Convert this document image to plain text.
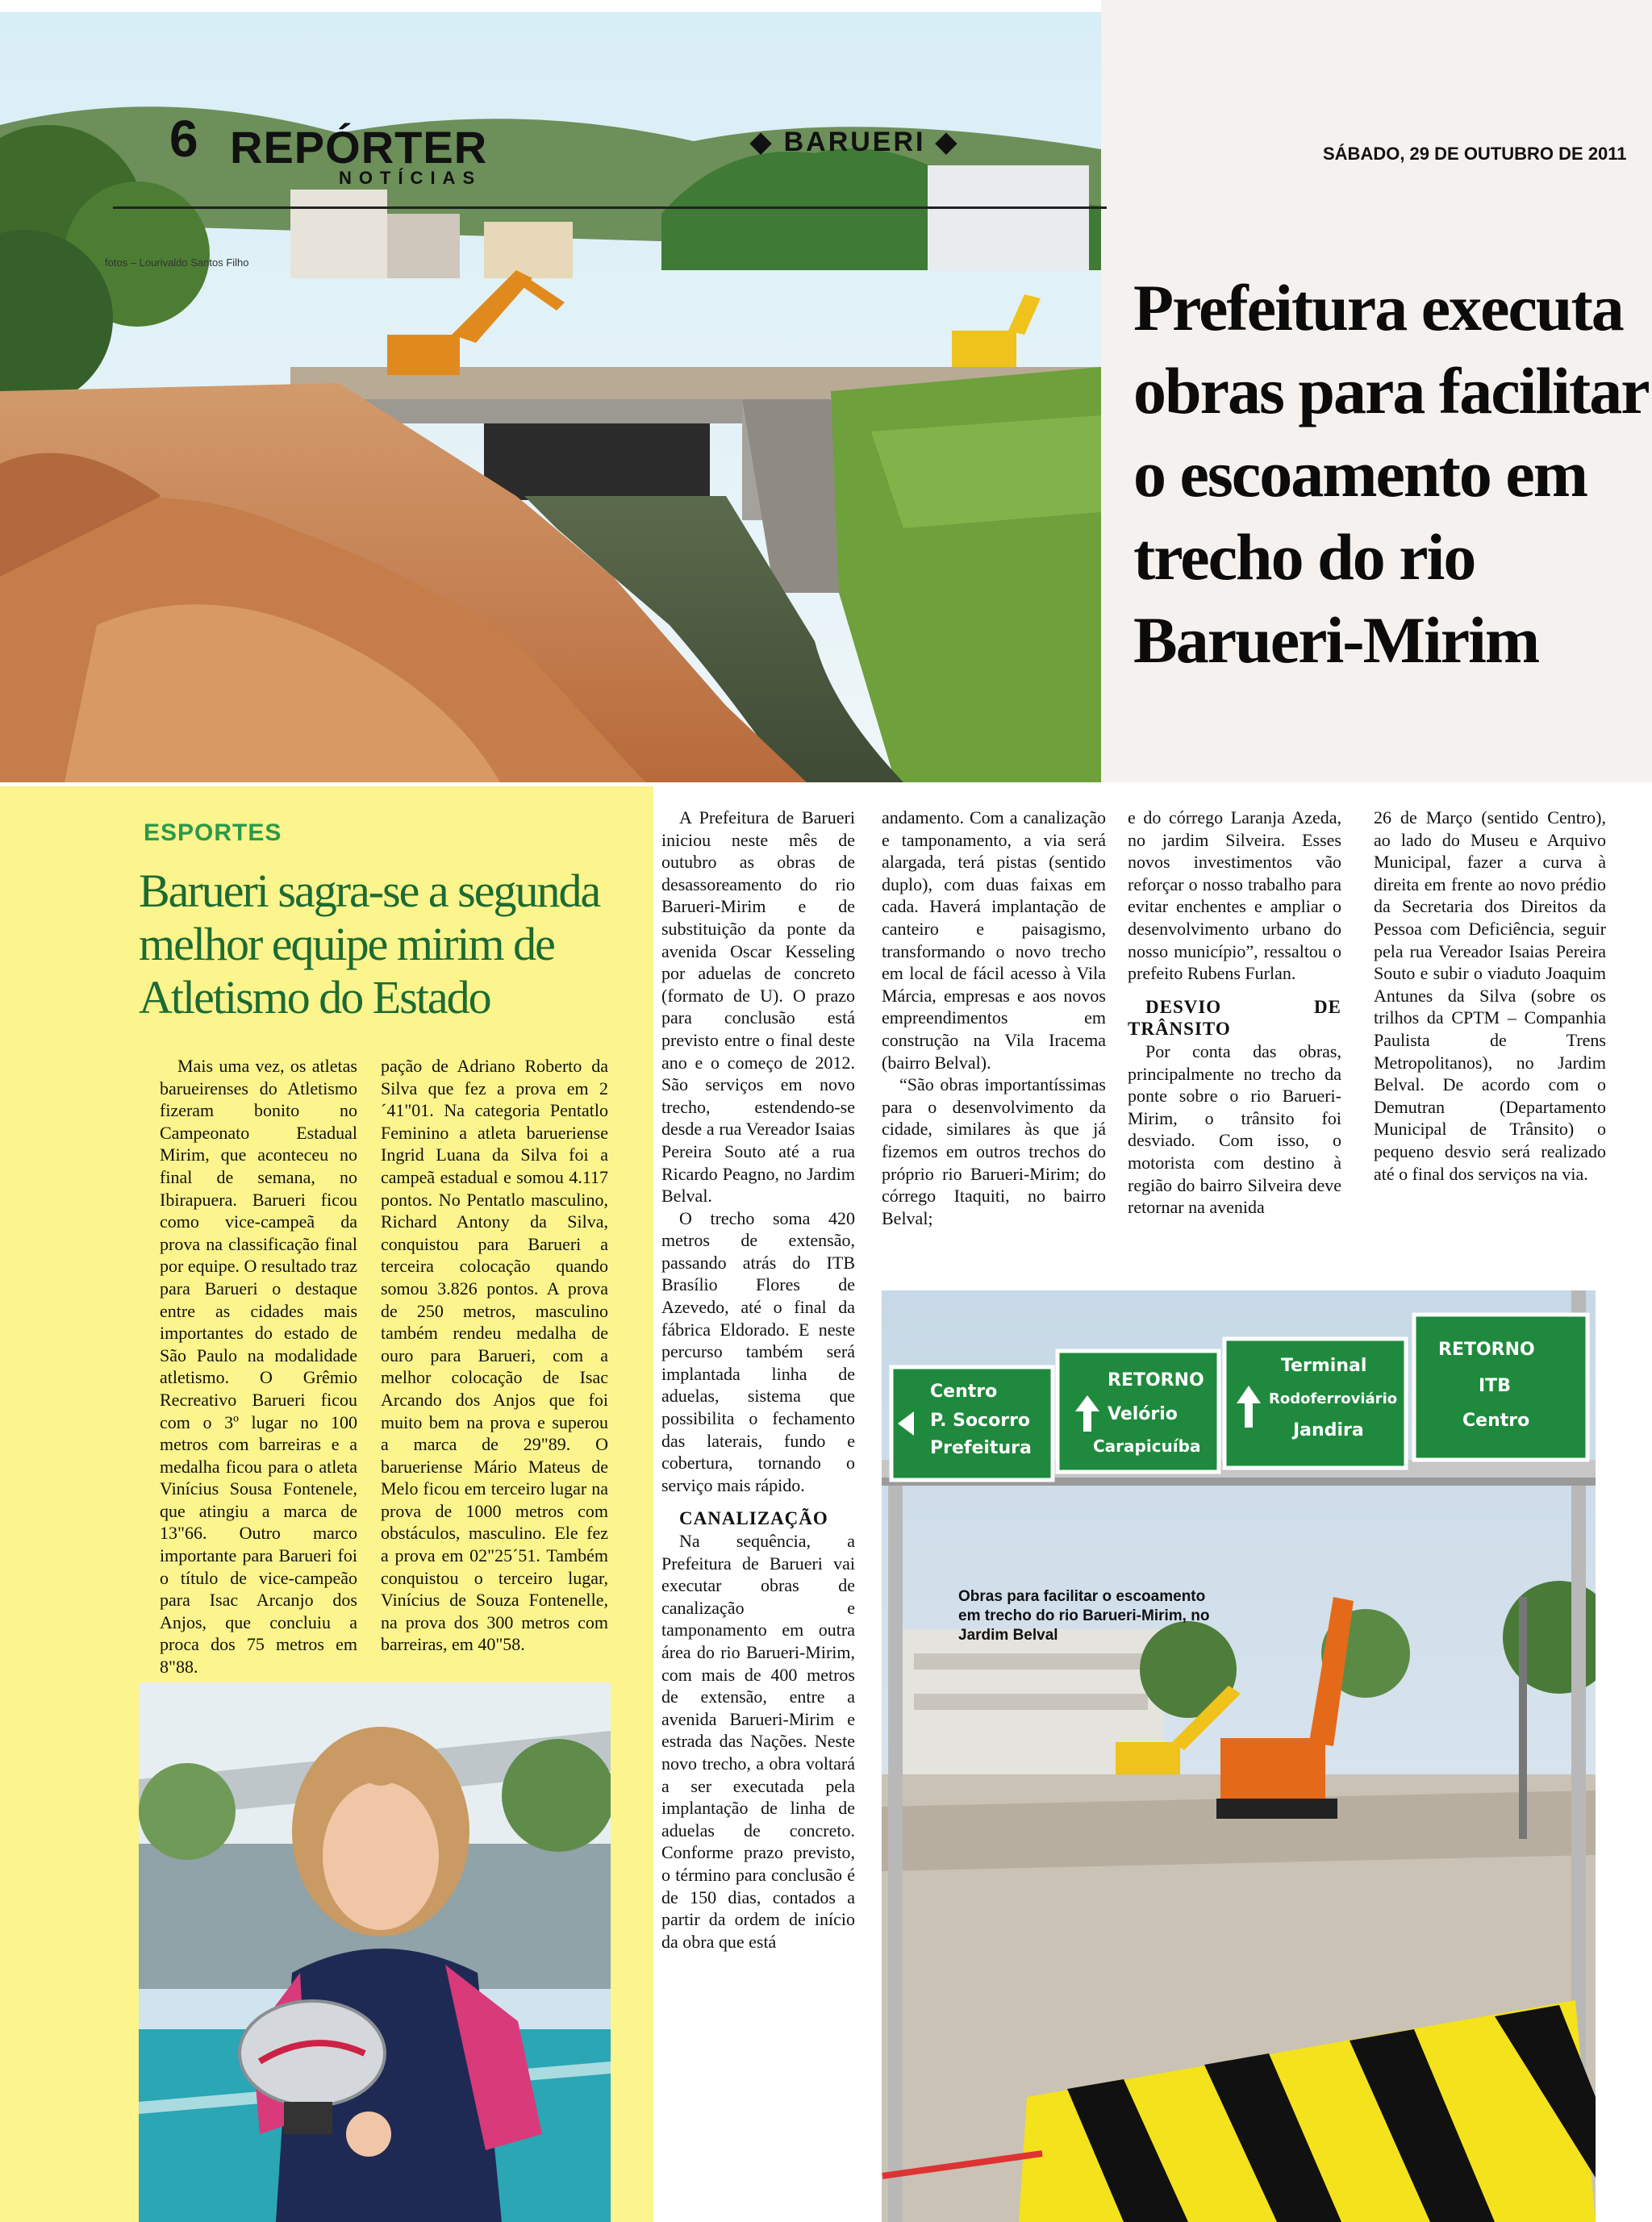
fotos – Lourivaldo Santos Filho
6 REPÓRTER
NOTÍCIAS
◆ BARUERI ◆	SÁBADO, 29 DE OUTUBRO DE 2011
Prefeitura executa obras para facilitar o escoamento em trecho do rio Barueri-Mirim
ESPORTES
Barueri sagra-se a segunda melhor equipe mirim de Atletismo do Estado

Mais uma vez, os atletas barueirenses do Atletismo fizeram bonito no Campeonato Estadual Mirim, que aconteceu no final de semana, no Ibirapuera. Barueri ficou como vice-campeã da prova na classificação final por equipe. O resultado traz para Barueri o destaque entre as cidades mais importantes do estado de São Paulo na modalidade atletismo. O Grêmio Recreativo Barueri ficou com o 3º lugar no 100 metros com barreiras e a medalha ficou para o atleta Vinícius Sousa Fontenele, que atingiu a marca de 13"66. Outro marco importante para Barueri foi o título de vice-campeão para Isac Arcanjo dos Anjos, que concluiu a proca dos 75 metros em 8"88.

pação de Adriano Roberto da Silva que fez a prova em 2´41"01. Na categoria Pentatlo Feminino a atleta barueriense Ingrid Luana da Silva foi a campeã estadual e somou 4.117 pontos. No Pentatlo masculino, Richard Antony da Silva, conquistou para Barueri a terceira colocação quando somou 3.826 pontos. A prova de 250 metros, masculino também rendeu medalha de ouro para Barueri, com a melhor colocação de Isac Arcando dos Anjos que foi muito bem na prova e superou a marca de 29"89. O barueriense Mário Mateus de Melo ficou em terceiro lugar na prova de 1000 metros com obstáculos, masculino. Ele fez a prova em 02"25´51. Também conquistou o terceiro lugar, Vinícius de Souza Fontenelle, na prova dos 300 metros com barreiras, em 40"58.

A Prefeitura de Barueri iniciou neste mês de outubro as obras de desassoreamento do rio Barueri-Mirim e de substituição da ponte da avenida Oscar Kesseling por aduelas de concreto (formato de U). O prazo para conclusão está previsto entre o final deste ano e o começo de 2012. São serviços em novo trecho, estendendo-se desde a rua Vereador Isaias Pereira Souto até a rua Ricardo Peagno, no Jardim Belval.

O trecho soma 420 metros de extensão, passando atrás do ITB Brasílio Flores de Azevedo, até o final da fábrica Eldorado. E neste percurso também será implantada linha de aduelas, sistema que possibilita o fechamento das laterais, fundo e cobertura, tornando o serviço mais rápido.

CANALIZAÇÃO

Na sequência, a Prefeitura de Barueri vai executar obras de canalização e tamponamento em outra área do rio Barueri-Mirim, com mais de 400 metros de extensão, entre a avenida Barueri-Mirim e estrada das Nações. Neste novo trecho, a obra voltará a ser executada pela implantação de linha de aduelas de concreto. Conforme prazo previsto, o término para conclusão é de 150 dias, contados a partir da ordem de início da obra que está

andamento. Com a canalização e tamponamento, a via será alargada, terá pistas (sentido duplo), com duas faixas em cada. Haverá implantação de canteiro e paisagismo, transformando o novo trecho em local de fácil acesso à Vila Márcia, empresas e aos novos empreendimentos em construção na Vila Iracema (bairro Belval).

“São obras importantíssimas para o desenvolvimento da cidade, similares às que já fizemos em outros trechos do próprio rio Barueri-Mirim; do córrego Itaquiti, no bairro Belval;

e do córrego Laranja Azeda, no jardim Silveira. Esses novos investimentos vão reforçar o nosso trabalho para evitar enchentes e ampliar o desenvolvimento urbano do nosso município”, ressaltou o prefeito Rubens Furlan.

DESVIO DE TRÂNSITO

Por conta das obras, principalmente no trecho da ponte sobre o rio Barueri-Mirim, o trânsito foi desviado. Com isso, o motorista com destino à região do bairro Silveira deve retornar na avenida

26 de Março (sentido Centro), ao lado do Museu e Arquivo Municipal, fazer a curva à direita em frente ao novo prédio da Secretaria dos Direitos da Pessoa com Deficiência, seguir pela rua Vereador Isaias Pereira Souto e subir o viaduto Joaquim Antunes da Silva (sobre os trilhos da CPTM – Companhia Paulista de Trens Metropolitanos), no Jardim Belval. De acordo com o Demutran (Departamento Municipal de Trânsito) o pequeno desvio será realizado até o final dos serviços na via.

Centro
P. Socorro
Prefeitura
RETORNO
Velório
Carapicuíba
Terminal
Rodoferroviário
Jandira
RETORNO
ITB
Centro
Obras para facilitar o escoamento em trecho do rio Barueri-Mirim, no Jardim Belval
